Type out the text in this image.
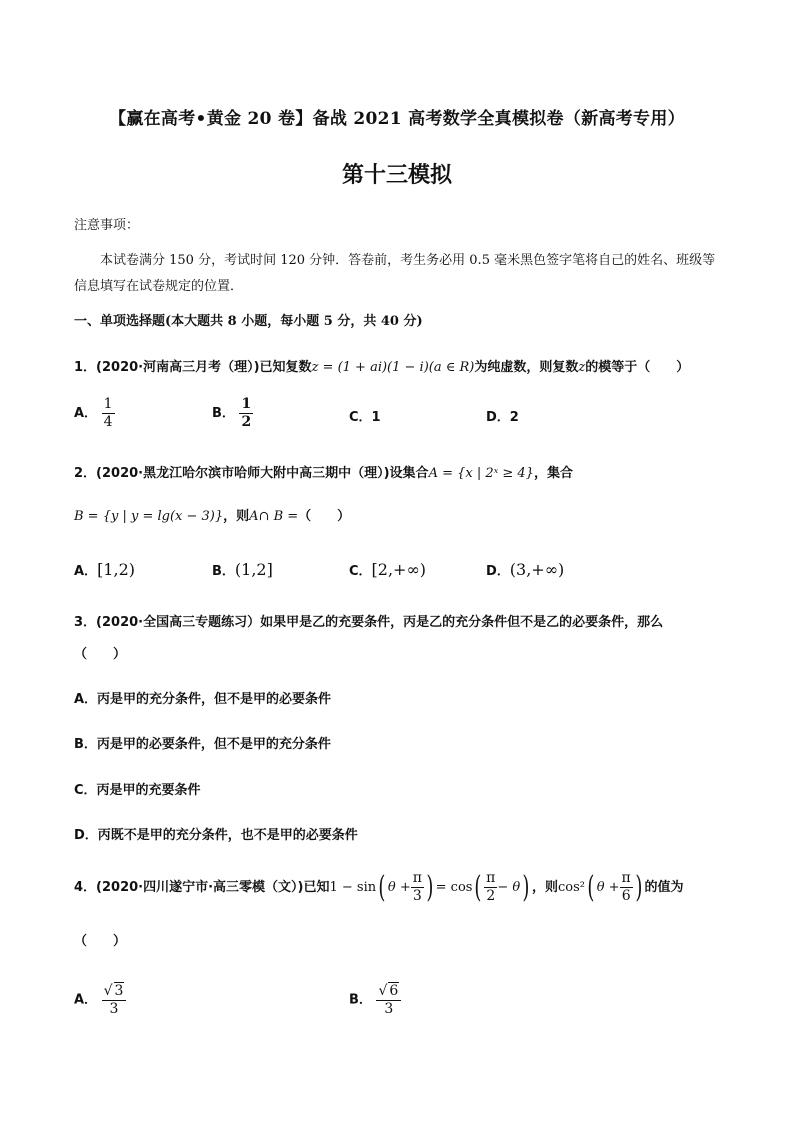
【赢在高考•黄金 20 卷】备战 2021 高考数学全真模拟卷（新高考专用）
第十三模拟
注意事项：
本试卷满分 150 分，考试时间 120 分钟．答卷前，考生务必用 0.5 毫米黑色签字笔将自己的姓名、班级等信息填写在试卷规定的位置．
一、单项选择题(本大题共 8 小题，每小题 5 分，共 40 分)
1．(2020·河南高三月考（理）)已知复数z = (1 + ai)(1 − i)(a ∈ R)为纯虚数，则复数z的模等于（　　）
A． $\frac{1}{4}$	B． $\frac{1}{2}$	C．1	D．2
2．(2020·黑龙江哈尔滨市哈师大附中高三期中（理）)设集合A = {x | 2ˣ ≥ 4}，集合
B = {y | y = lg(x − 3)}，则A∩ B =（　　）
A．[1,2)	B．(1,2]	C．[2,+∞)	D．(3,+∞)
3．(2020·全国高三专题练习）如果甲是乙的充要条件，丙是乙的充分条件但不是乙的必要条件，那么
（　　）
A．丙是甲的充分条件，但不是甲的必要条件
B．丙是甲的必要条件，但不是甲的充分条件
C．丙是甲的充要条件
D．丙既不是甲的充分条件，也不是甲的必要条件
4．(2020·四川遂宁市·高三零模（文）)已知1 − sin( $\theta + \frac{\pi}{3}$ ) = $\cos( \frac{\pi}{2} - \theta)$ ，则cos²( $\theta + \frac{\pi}{6}$ ) 的值为
（　　）
A． $\frac{√ 3}{3}$	B． $\frac{√ 6}{3}$
